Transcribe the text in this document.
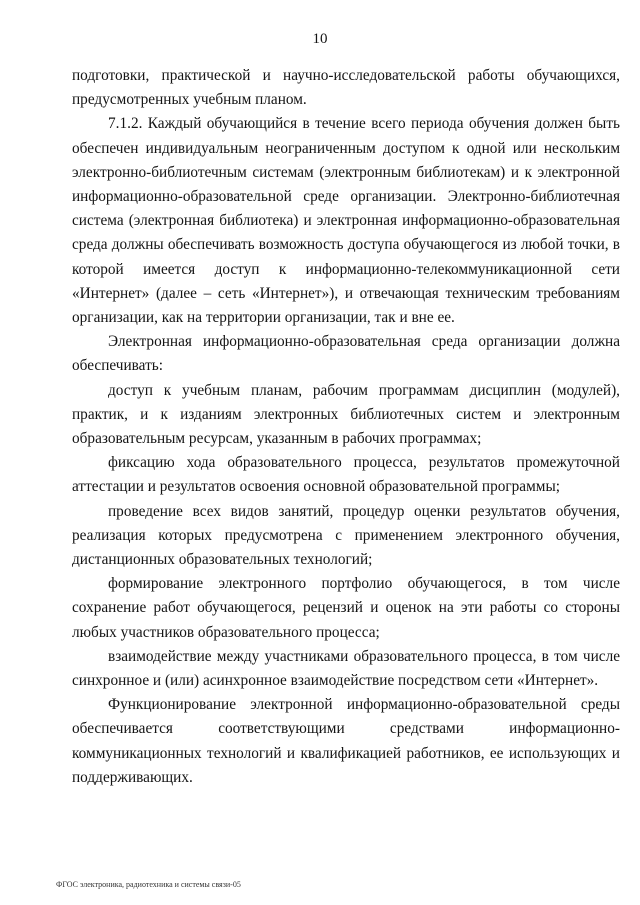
10

подготовки, практической и научно-исследовательской работы обучающихся, предусмотренных учебным планом.

7.1.2. Каждый обучающийся в течение всего периода обучения должен быть обеспечен индивидуальным неограниченным доступом к одной или нескольким электронно-библиотечным системам (электронным библиотекам) и к электронной информационно-образовательной среде организации. Электронно-библиотечная система (электронная библиотека) и электронная информационно-образовательная среда должны обеспечивать возможность доступа обучающегося из любой точки, в которой имеется доступ к информационно-телекоммуникационной сети «Интернет» (далее – сеть «Интернет»), и отвечающая техническим требованиям организации, как на территории организации, так и вне ее.

Электронная информационно-образовательная среда организации должна обеспечивать:

доступ к учебным планам, рабочим программам дисциплин (модулей), практик, и к изданиям электронных библиотечных систем и электронным образовательным ресурсам, указанным в рабочих программах;

фиксацию хода образовательного процесса, результатов промежуточной аттестации и результатов освоения основной образовательной программы;

проведение всех видов занятий, процедур оценки результатов обучения, реализация которых предусмотрена с применением электронного обучения, дистанционных образовательных технологий;

формирование электронного портфолио обучающегося, в том числе сохранение работ обучающегося, рецензий и оценок на эти работы со стороны любых участников образовательного процесса;

взаимодействие между участниками образовательного процесса, в том числе синхронное и (или) асинхронное взаимодействие посредством сети «Интернет».

Функционирование электронной информационно-образовательной среды обеспечивается соответствующими средствами информационно-коммуникационных технологий и квалификацией работников, ее использующих и поддерживающих.

ФГОС электроника, радиотехника и системы связи-05
